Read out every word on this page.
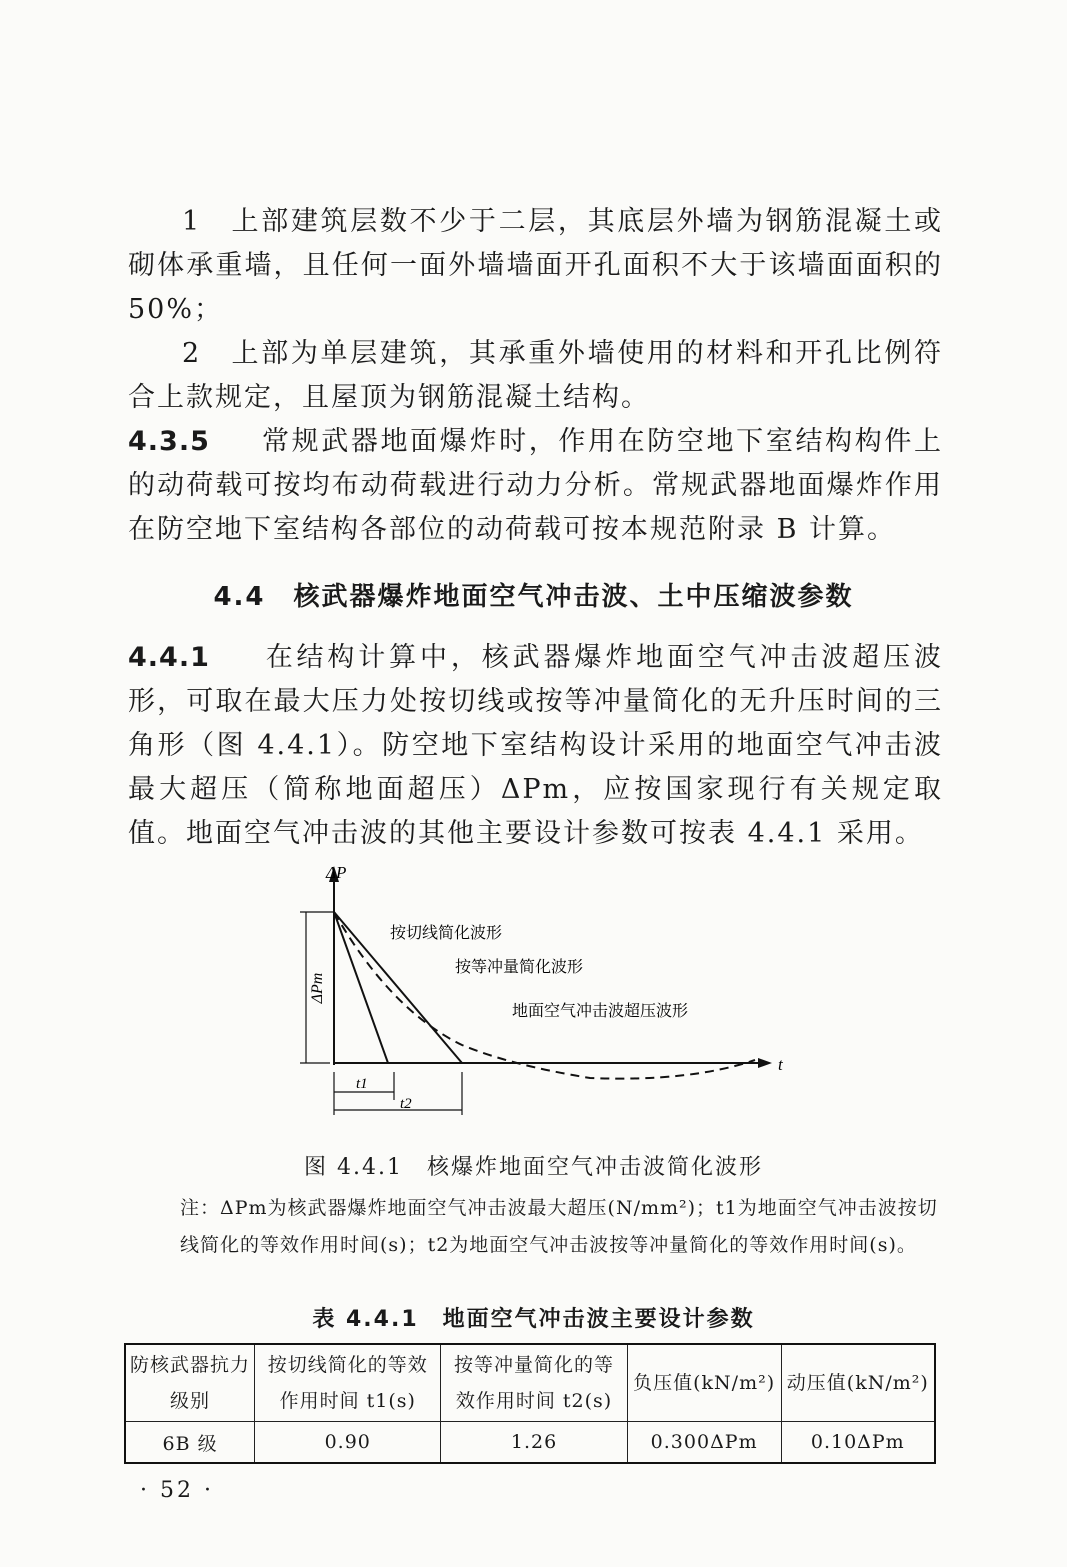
1　上部建筑层数不少于二层，其底层外墙为钢筋混凝土或砌体承重墙，且任何一面外墙墙面开孔面积不大于该墙面面积的 50%；
2　上部为单层建筑，其承重外墙使用的材料和开孔比例符合上款规定，且屋顶为钢筋混凝土结构。
4.3.5 　 常规武器地面爆炸时，作用在防空地下室结构构件上的动荷载可按均布动荷载进行动力分析。常规武器地面爆炸作用在防空地下室结构各部位的动荷载可按本规范附录 B 计算。
4.4　核武器爆炸地面空气冲击波、土中压缩波参数
4.4.1 　 在结构计算中，核武器爆炸地面空气冲击波超压波形，可取在最大压力处按切线或按等冲量简化的无升压时间的三角形（图 4.4.1）。防空地下室结构设计采用的地面空气冲击波最大超压（简称地面超压）ΔPm，应按国家现行有关规定取值。地面空气冲击波的其他主要设计参数可按表 4.4.1 采用。
ΔP
t
ΔPm
按切线简化波形
按等冲量简化波形
地面空气冲击波超压波形
t1
t2
图 4.4.1　核爆炸地面空气冲击波简化波形
注：ΔPm为核武器爆炸地面空气冲击波最大超压(N/mm²)；t1为地面空气冲击波按切线简化的等效作用时间(s)；t2为地面空气冲击波按等冲量简化的等效作用时间(s)。
表 4.4.1　地面空气冲击波主要设计参数
防核武器抗力级别	按切线简化的等效作用时间 t1(s)	按等冲量简化的等效作用时间 t2(s)	负压值(kN/m²)	动压值(kN/m²)
6B 级	0.90	1.26	0.300ΔPm	0.10ΔPm
· 52 ·
